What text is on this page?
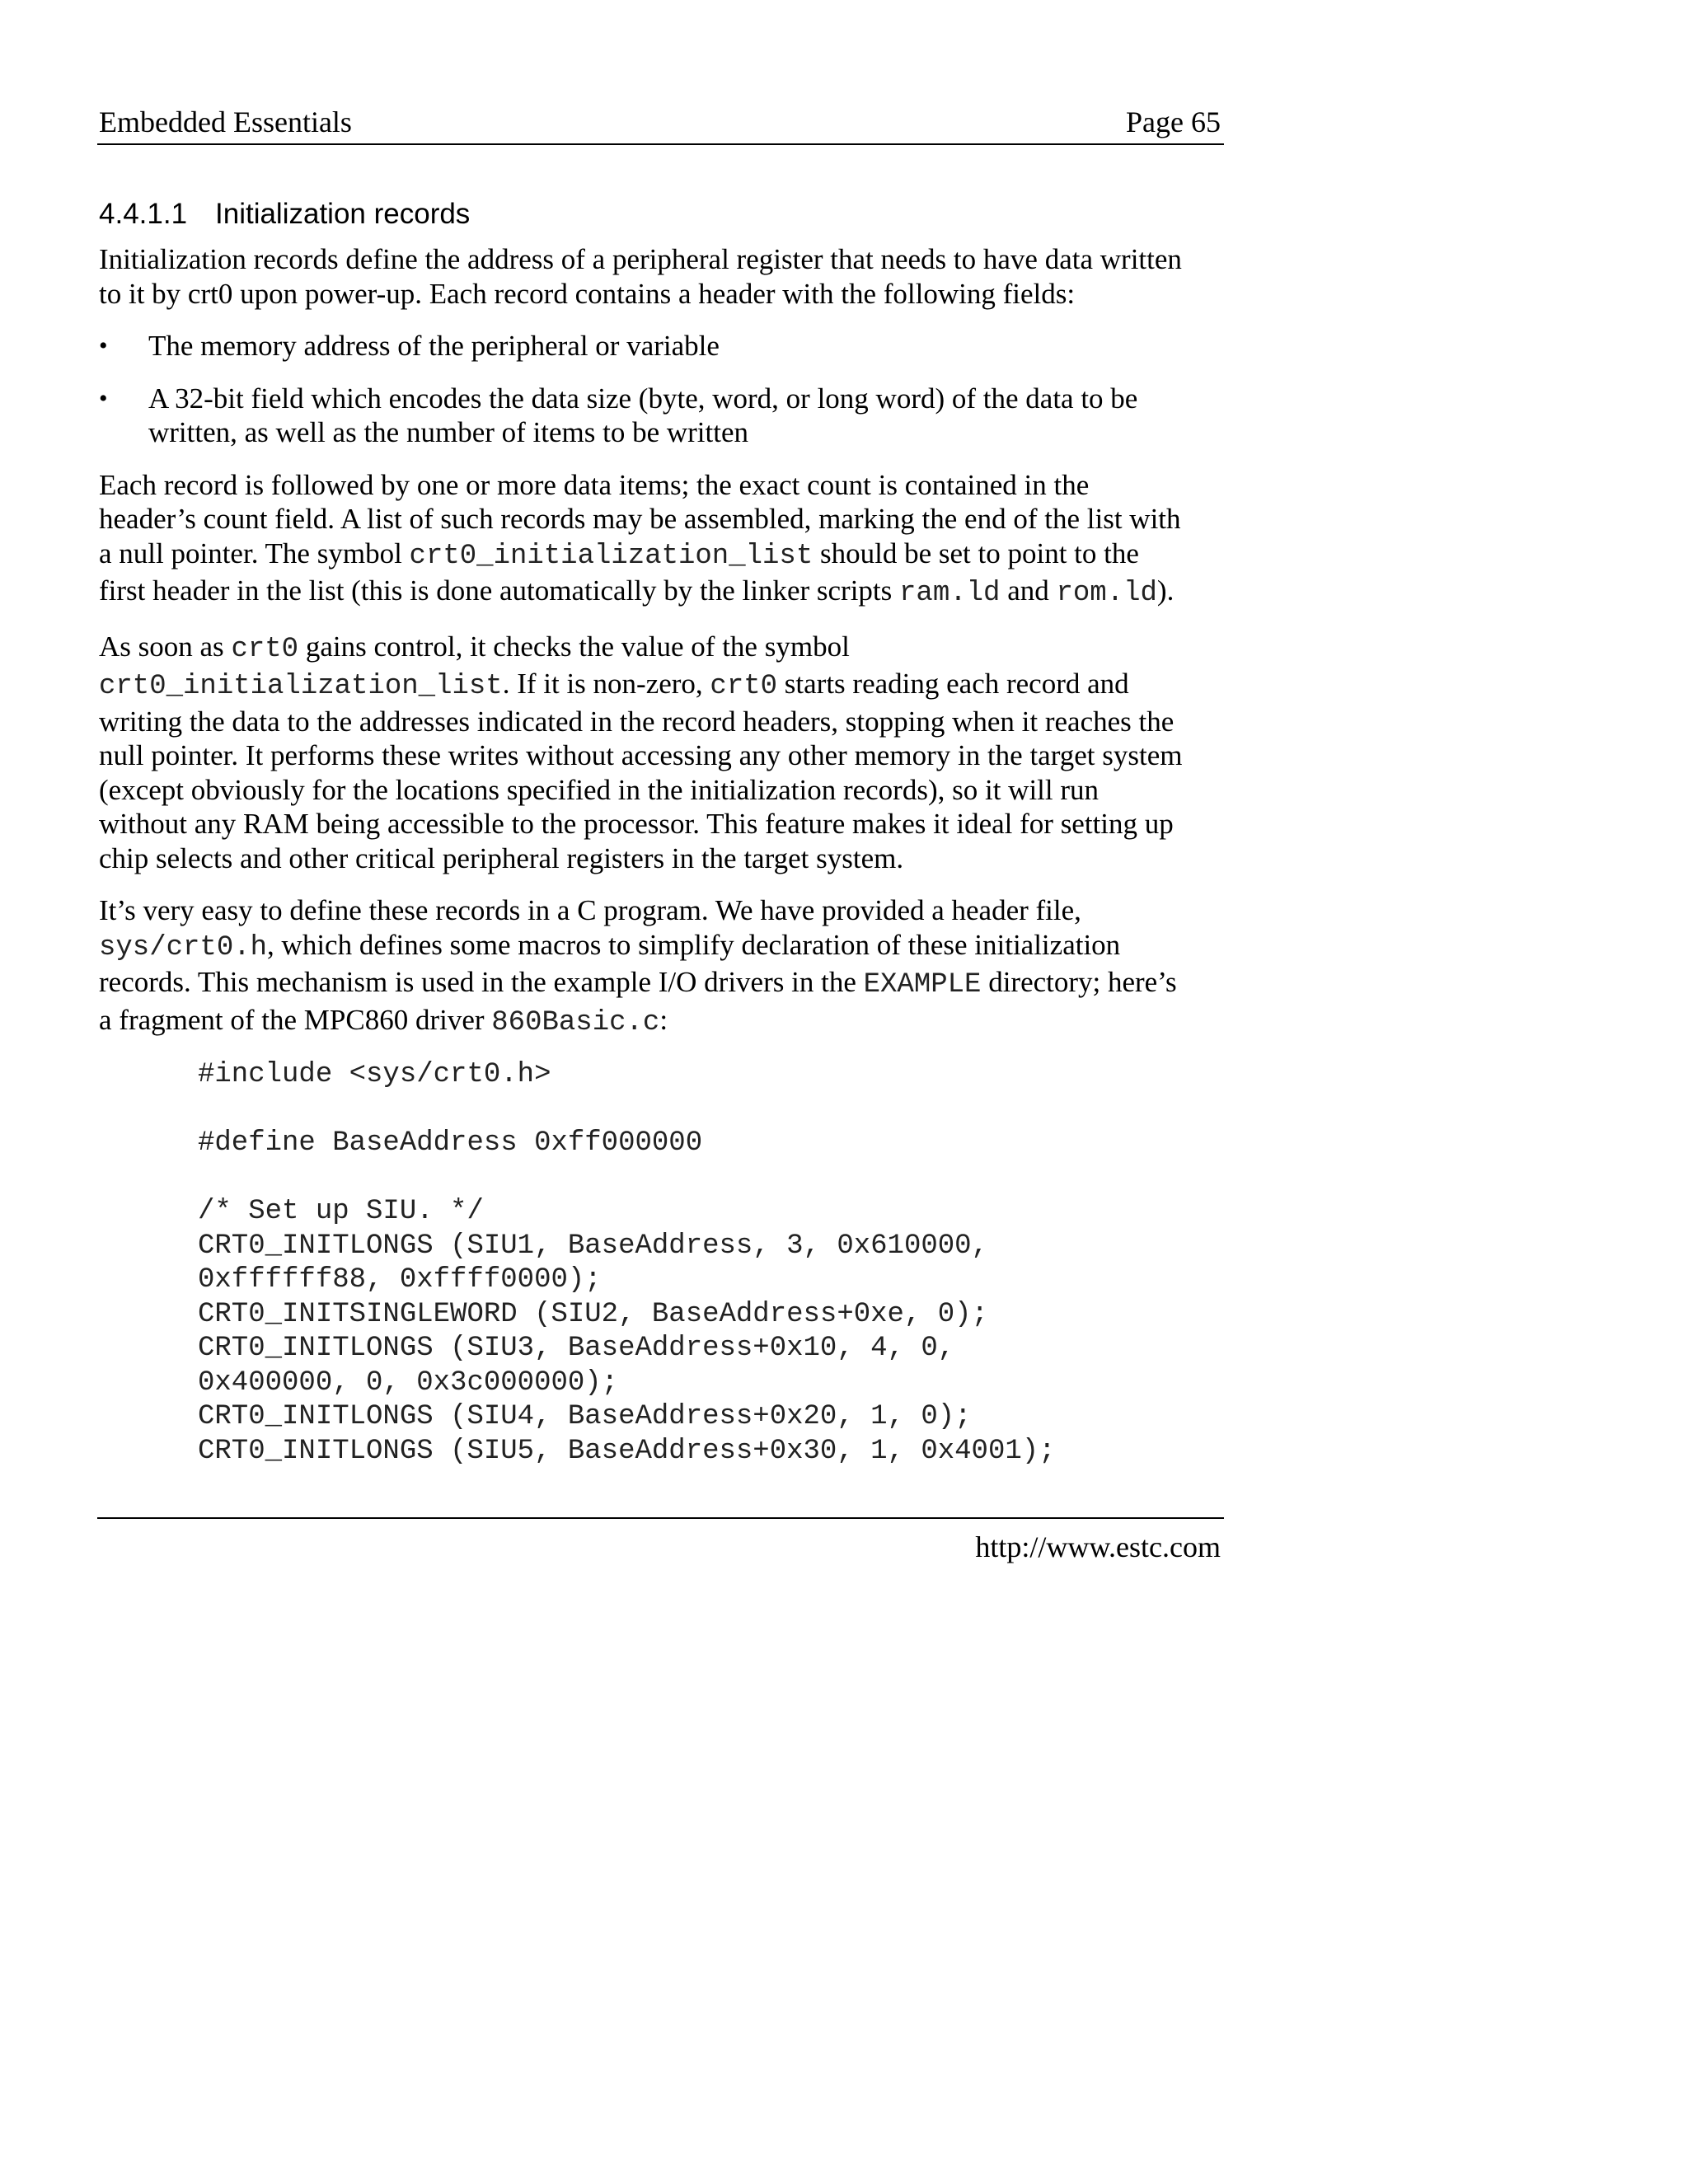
Embedded Essentials	Page 65
4.4.1.1 Initialization records

Initialization records define the address of a peripheral register that needs to have data written
to it by crt0 upon power-up. Each record contains a header with the following fields:

• The memory address of the peripheral or variable
• A 32-bit field which encodes the data size (byte, word, or long word) of the data to be
written, as well as the number of items to be written

Each record is followed by one or more data items; the exact count is contained in the
header’s count field. A list of such records may be assembled, marking the end of the list with
a null pointer. The symbol crt0_initialization_list should be set to point to the
first header in the list (this is done automatically by the linker scripts ram.ld and rom.ld).

As soon as crt0 gains control, it checks the value of the symbol
crt0_initialization_list. If it is non-zero, crt0 starts reading each record and
writing the data to the addresses indicated in the record headers, stopping when it reaches the
null pointer. It performs these writes without accessing any other memory in the target system
(except obviously for the locations specified in the initialization records), so it will run
without any RAM being accessible to the processor. This feature makes it ideal for setting up
chip selects and other critical peripheral registers in the target system.

It’s very easy to define these records in a C program. We have provided a header file,
sys/crt0.h, which defines some macros to simplify declaration of these initialization
records. This mechanism is used in the example I/O drivers in the EXAMPLE directory; here’s
a fragment of the MPC860 driver 860Basic.c:

#include <sys/crt0.h>
#define BaseAddress 0xff000000
/* Set up SIU. */
CRT0_INITLONGS (SIU1, BaseAddress, 3, 0x610000,
0xffffff88, 0xffff0000);
CRT0_INITSINGLEWORD (SIU2, BaseAddress+0xe, 0);
CRT0_INITLONGS (SIU3, BaseAddress+0x10, 4, 0,
0x400000, 0, 0x3c000000);
CRT0_INITLONGS (SIU4, BaseAddress+0x20, 1, 0);
CRT0_INITLONGS (SIU5, BaseAddress+0x30, 1, 0x4001);
http://www.estc.com
